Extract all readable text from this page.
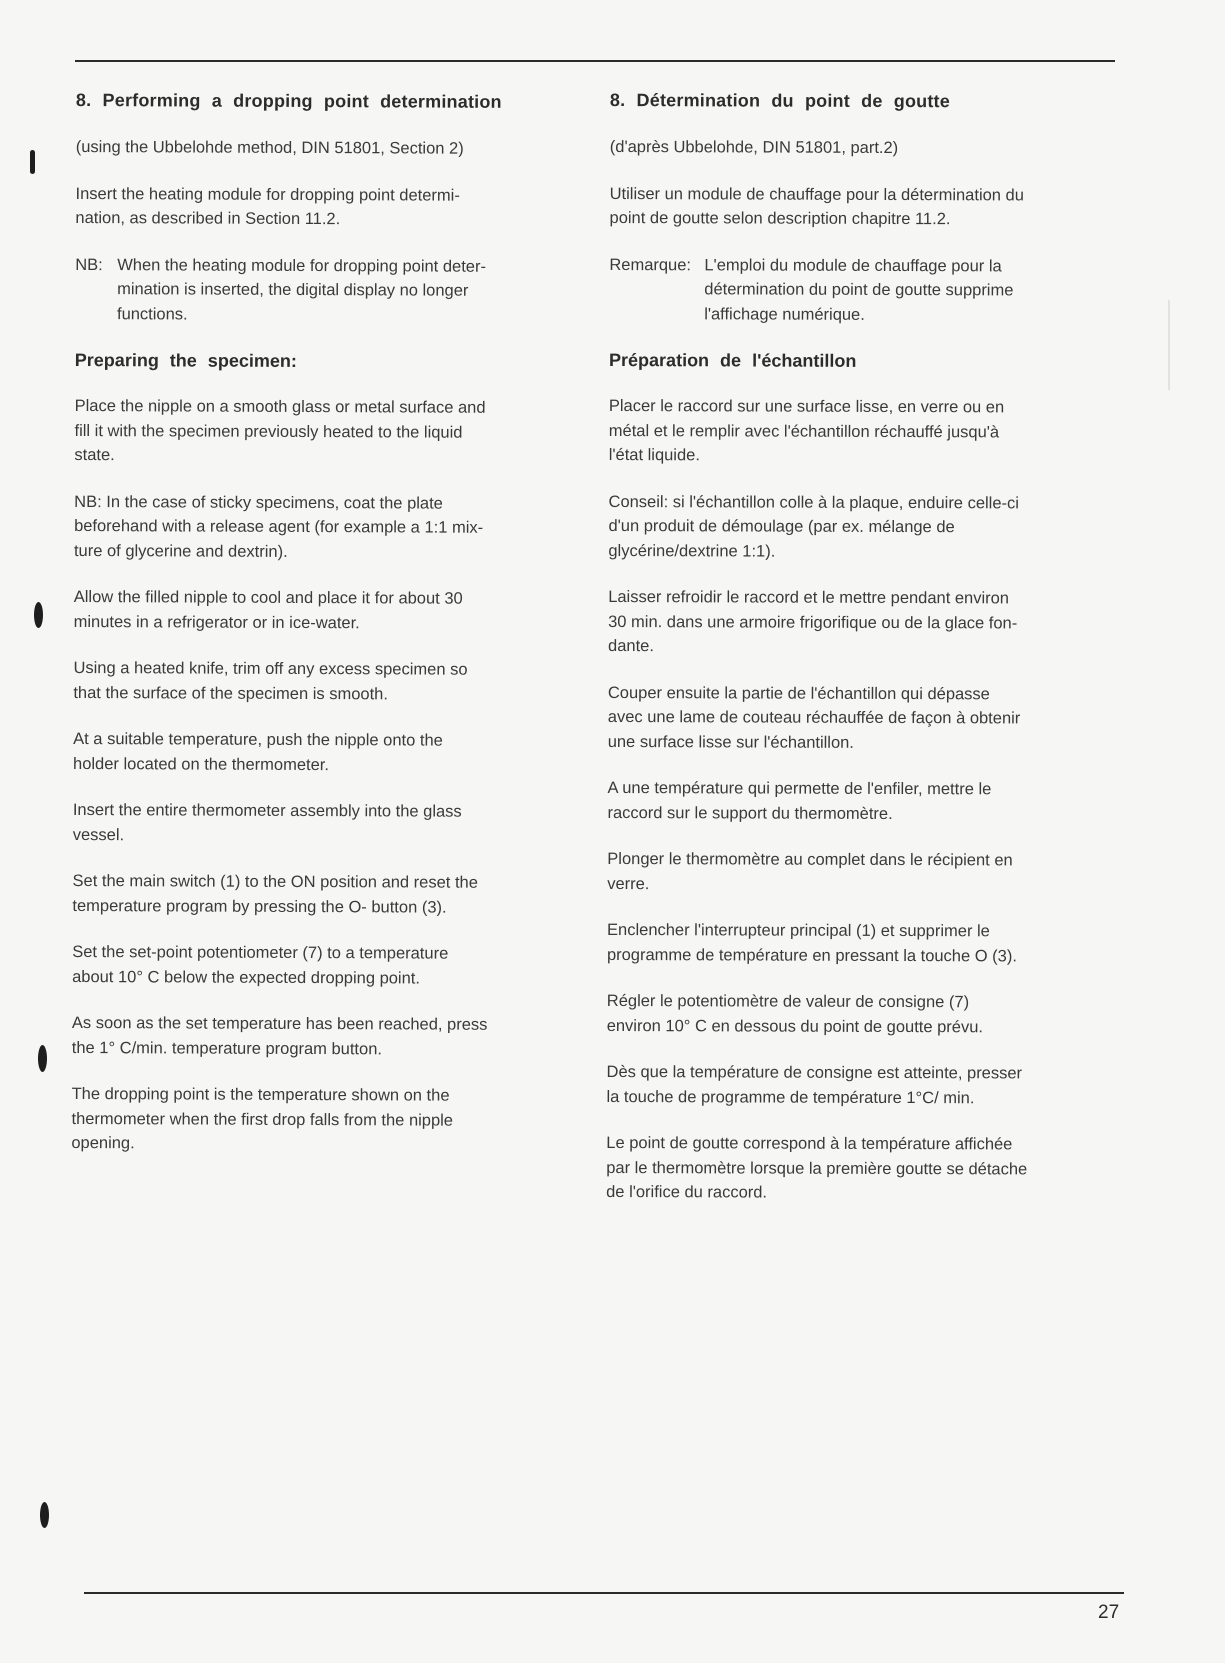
8. Performing a dropping point determination
(using the Ubbelohde method, DIN 51801, Section 2)
Insert the heating module for dropping point determi-
nation, as described in Section 11.2.
NB: When the heating module for dropping point deter-
mination is inserted, the digital display no longer
functions.
Preparing the specimen:
Place the nipple on a smooth glass or metal surface and
fill it with the specimen previously heated to the liquid
state.
NB: In the case of sticky specimens, coat the plate
beforehand with a release agent (for example a 1:1 mix-
ture of glycerine and dextrin).
Allow the filled nipple to cool and place it for about 30
minutes in a refrigerator or in ice-water.
Using a heated knife, trim off any excess specimen so
that the surface of the specimen is smooth.
At a suitable temperature, push the nipple onto the
holder located on the thermometer.
Insert the entire thermometer assembly into the glass
vessel.
Set the main switch (1) to the ON position and reset the
temperature program by pressing the O- button (3).
Set the set-point potentiometer (7) to a temperature
about 10° C below the expected dropping point.
As soon as the set temperature has been reached, press
the 1° C/min. temperature program button.
The dropping point is the temperature shown on the
thermometer when the first drop falls from the nipple
opening.
8. Détermination du point de goutte
(d'après Ubbelohde, DIN 51801, part.2)
Utiliser un module de chauffage pour la détermination du
point de goutte selon description chapitre 11.2.
Remarque: L'emploi du module de chauffage pour la
détermination du point de goutte supprime
l'affichage numérique.
Préparation de l'échantillon
Placer le raccord sur une surface lisse, en verre ou en
métal et le remplir avec l'échantillon réchauffé jusqu'à
l'état liquide.
Conseil: si l'échantillon colle à la plaque, enduire celle-ci
d'un produit de démoulage (par ex. mélange de
glycérine/dextrine 1:1).
Laisser refroidir le raccord et le mettre pendant environ
30 min. dans une armoire frigorifique ou de la glace fon-
dante.
Couper ensuite la partie de l'échantillon qui dépasse
avec une lame de couteau réchauffée de façon à obtenir
une surface lisse sur l'échantillon.
A une température qui permette de l'enfiler, mettre le
raccord sur le support du thermomètre.
Plonger le thermomètre au complet dans le récipient en
verre.
Enclencher l'interrupteur principal (1) et supprimer le
programme de température en pressant la touche O (3).
Régler le potentiomètre de valeur de consigne (7)
environ 10° C en dessous du point de goutte prévu.
Dès que la température de consigne est atteinte, presser
la touche de programme de température 1°C/ min.
Le point de goutte correspond à la température affichée
par le thermomètre lorsque la première goutte se détache
de l'orifice du raccord.
27
